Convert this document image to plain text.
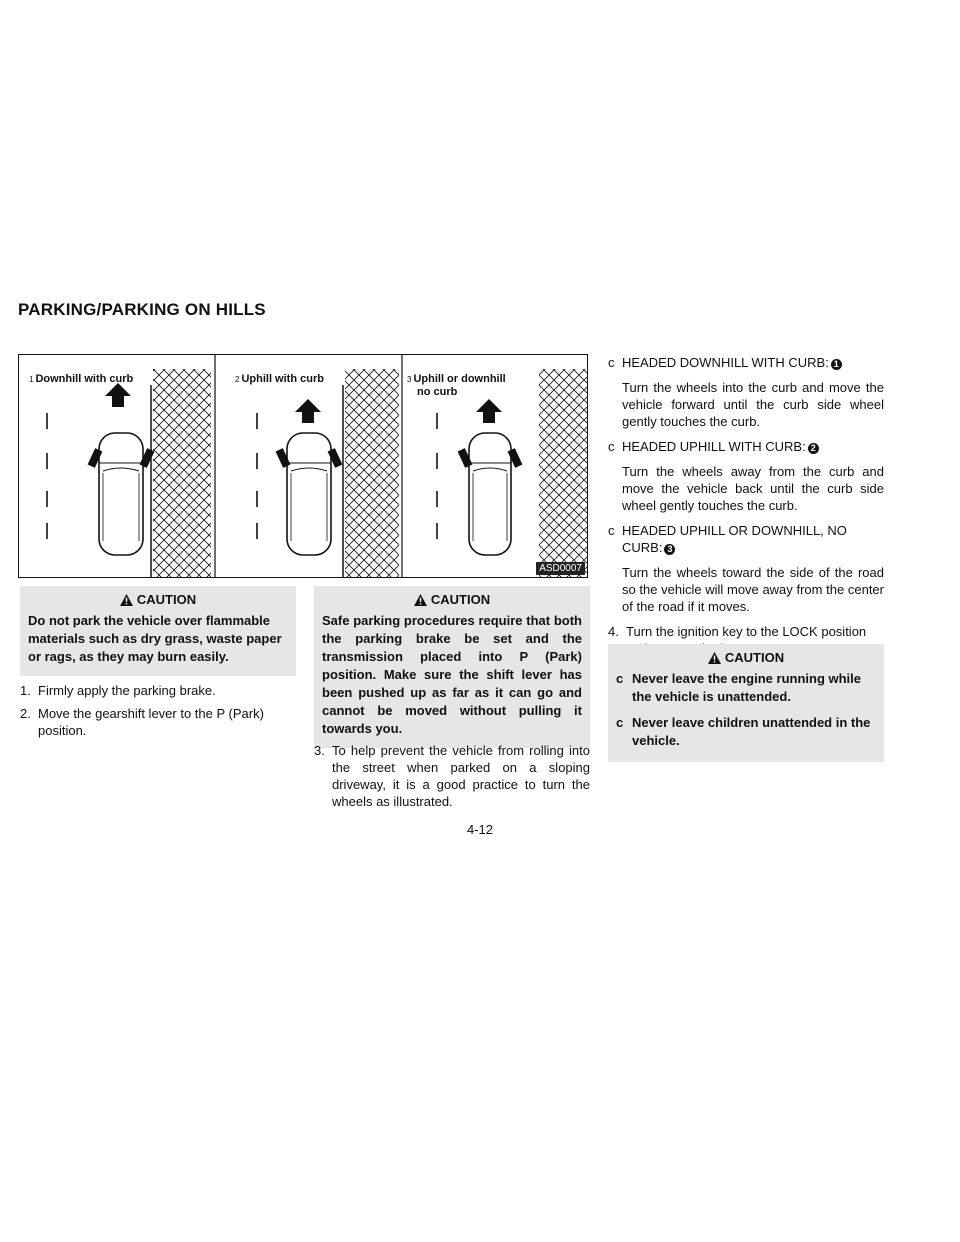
PARKING/PARKING ON HILLS
$^1$ Downhill with curb	$^2$ Uphill with curb	$^3$ Uphill or downhill
no curb
ASD0007
CAUTION
Do not park the vehicle over flammable materials such as dry grass, waste paper or rags, as they may burn easily.
1. Firmly apply the parking brake.
2. Move the gearshift lever to the P (Park) position.
CAUTION
Safe parking procedures require that both the parking brake be set and the transmission placed into P (Park) position. Make sure the shift lever has been pushed up as far as it can go and cannot be moved without pulling it towards you.
3. To help prevent the vehicle from rolling into the street when parked on a sloping driveway, it is a good practice to turn the wheels as illustrated.
c HEADED DOWNHILL WITH CURB: 1
Turn the wheels into the curb and move the vehicle forward until the curb side wheel gently touches the curb.
c HEADED UPHILL WITH CURB: 2
Turn the wheels away from the curb and move the vehicle back until the curb side wheel gently touches the curb.
c HEADED UPHILL OR DOWNHILL, NO CURB: 3
Turn the wheels toward the side of the road so the vehicle will move away from the center of the road if it moves.
4. Turn the ignition key to the LOCK position
CAUTION
c Never leave the engine running while the vehicle is unattended.
c Never leave children unattended in the vehicle.
4-12
